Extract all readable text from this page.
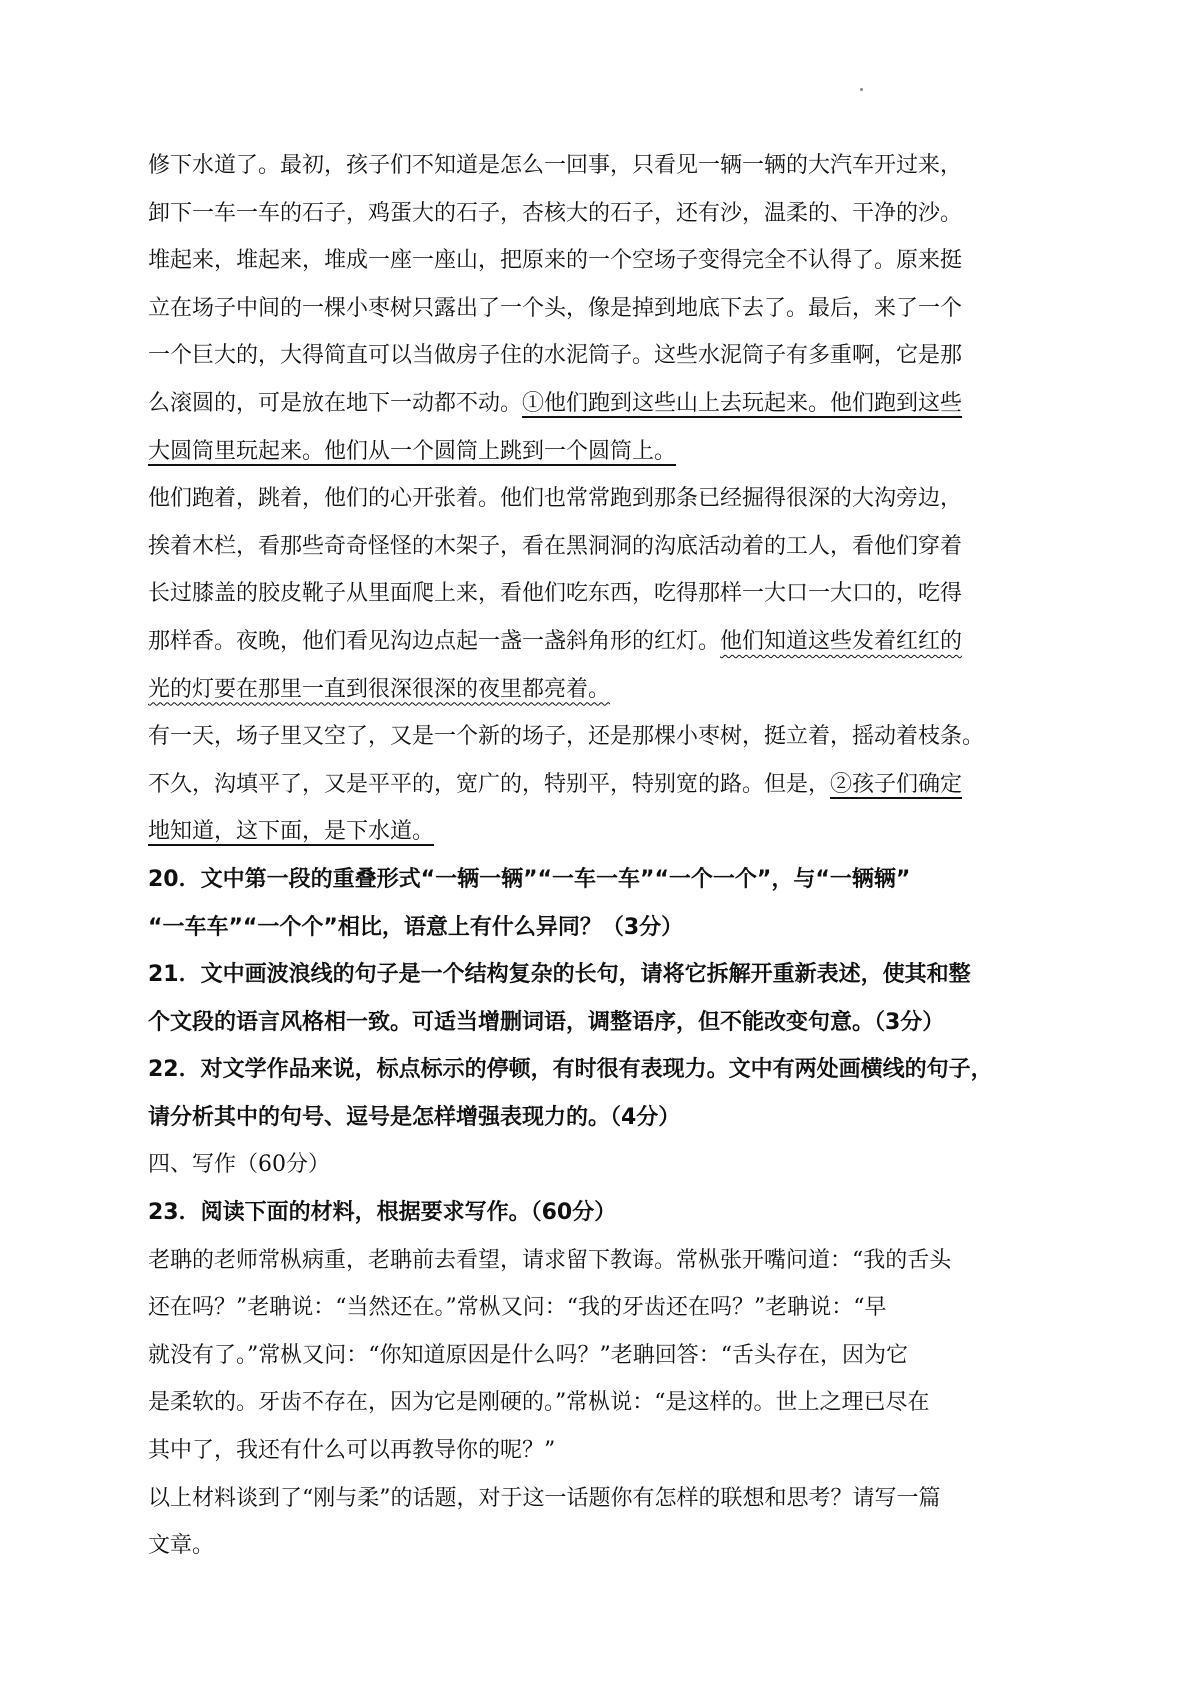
修下水道了。最初，孩子们不知道是怎么一回事，只看见一辆一辆的大汽车开过来，
卸下一车一车的石子，鸡蛋大的石子，杏核大的石子，还有沙，温柔的、干净的沙。
堆起来，堆起来，堆成一座一座山，把原来的一个空场子变得完全不认得了。原来挺
立在场子中间的一棵小枣树只露出了一个头，像是掉到地底下去了。最后，来了一个
一个巨大的，大得简直可以当做房子住的水泥筒子。这些水泥筒子有多重啊，它是那
么滚圆的，可是放在地下一动都不动。①他们跑到这些山上去玩起来。他们跑到这些
大圆筒里玩起来。他们从一个圆筒上跳到一个圆筒上。
他们跑着，跳着，他们的心开张着。他们也常常跑到那条已经掘得很深的大沟旁边，
挨着木栏，看那些奇奇怪怪的木架子，看在黑洞洞的沟底活动着的工人，看他们穿着
长过膝盖的胶皮靴子从里面爬上来，看他们吃东西，吃得那样一大口一大口的，吃得
那样香。夜晚，他们看见沟边点起一盏一盏斜角形的红灯。他们知道这些发着红红的
光的灯要在那里一直到很深很深的夜里都亮着。
有一天，场子里又空了，又是一个新的场子，还是那棵小枣树，挺立着，摇动着枝条。
不久，沟填平了，又是平平的，宽广的，特别平，特别宽的路。但是，②孩子们确定
地知道，这下面，是下水道。
20．文中第一段的重叠形式“一辆一辆”“一车一车”“一个一个”，与“一辆辆”
“一车车”“一个个”相比，语意上有什么异同？（3分）
21．文中画波浪线的句子是一个结构复杂的长句，请将它拆解开重新表述，使其和整
个文段的语言风格相一致。可适当增删词语，调整语序，但不能改变句意。（3分）
22．对文学作品来说，标点标示的停顿，有时很有表现力。文中有两处画横线的句子，
请分析其中的句号、逗号是怎样增强表现力的。（4分）
四、写作（60分）
23．阅读下面的材料，根据要求写作。（60分）
老聃的老师常枞病重，老聃前去看望，请求留下教诲。常枞张开嘴问道：“我的舌头
还在吗？”老聃说：“当然还在。”常枞又问：“我的牙齿还在吗？”老聃说：“早
就没有了。”常枞又问：“你知道原因是什么吗？”老聃回答：“舌头存在，因为它
是柔软的。牙齿不存在，因为它是刚硬的。”常枞说：“是这样的。世上之理已尽在
其中了，我还有什么可以再教导你的呢？”
以上材料谈到了“刚与柔”的话题，对于这一话题你有怎样的联想和思考？请写一篇
文章。
